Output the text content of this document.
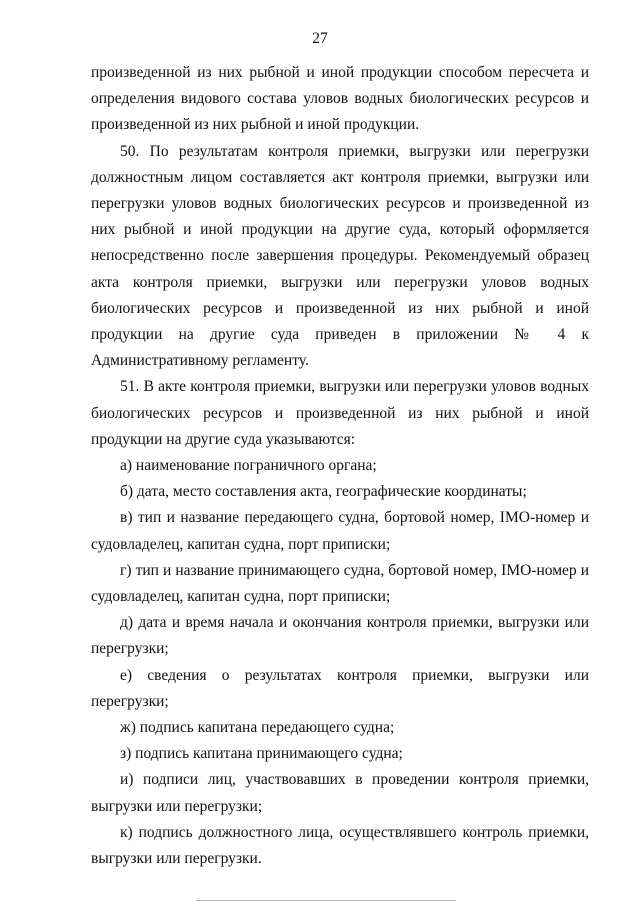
27

произведенной из них рыбной и иной продукции способом пересчета и определения видового состава уловов водных биологических ресурсов и произведенной из них рыбной и иной продукции.

50. По результатам контроля приемки, выгрузки или перегрузки должностным лицом составляется акт контроля приемки, выгрузки или перегрузки уловов водных биологических ресурсов и произведенной из них рыбной и иной продукции на другие суда, который оформляется непосредственно после завершения процедуры. Рекомендуемый образец акта контроля приемки, выгрузки или перегрузки уловов водных биологических ресурсов и произведенной из них рыбной и иной продукции на другие суда приведен в приложении № 4 к Административному регламенту.

51. В акте контроля приемки, выгрузки или перегрузки уловов водных биологических ресурсов и произведенной из них рыбной и иной продукции на другие суда указываются:

а) наименование пограничного органа;

б) дата, место составления акта, географические координаты;

в) тип и название передающего судна, бортовой номер, IMO-номер и судовладелец, капитан судна, порт приписки;

г) тип и название принимающего судна, бортовой номер, IMO-номер и судовладелец, капитан судна, порт приписки;

д) дата и время начала и окончания контроля приемки, выгрузки или перегрузки;

е) сведения о результатах контроля приемки, выгрузки или перегрузки;

ж) подпись капитана передающего судна;

з) подпись капитана принимающего судна;

и) подписи лиц, участвовавших в проведении контроля приемки, выгрузки или перегрузки;

к) подпись должностного лица, осуществлявшего контроль приемки, выгрузки или перегрузки.
